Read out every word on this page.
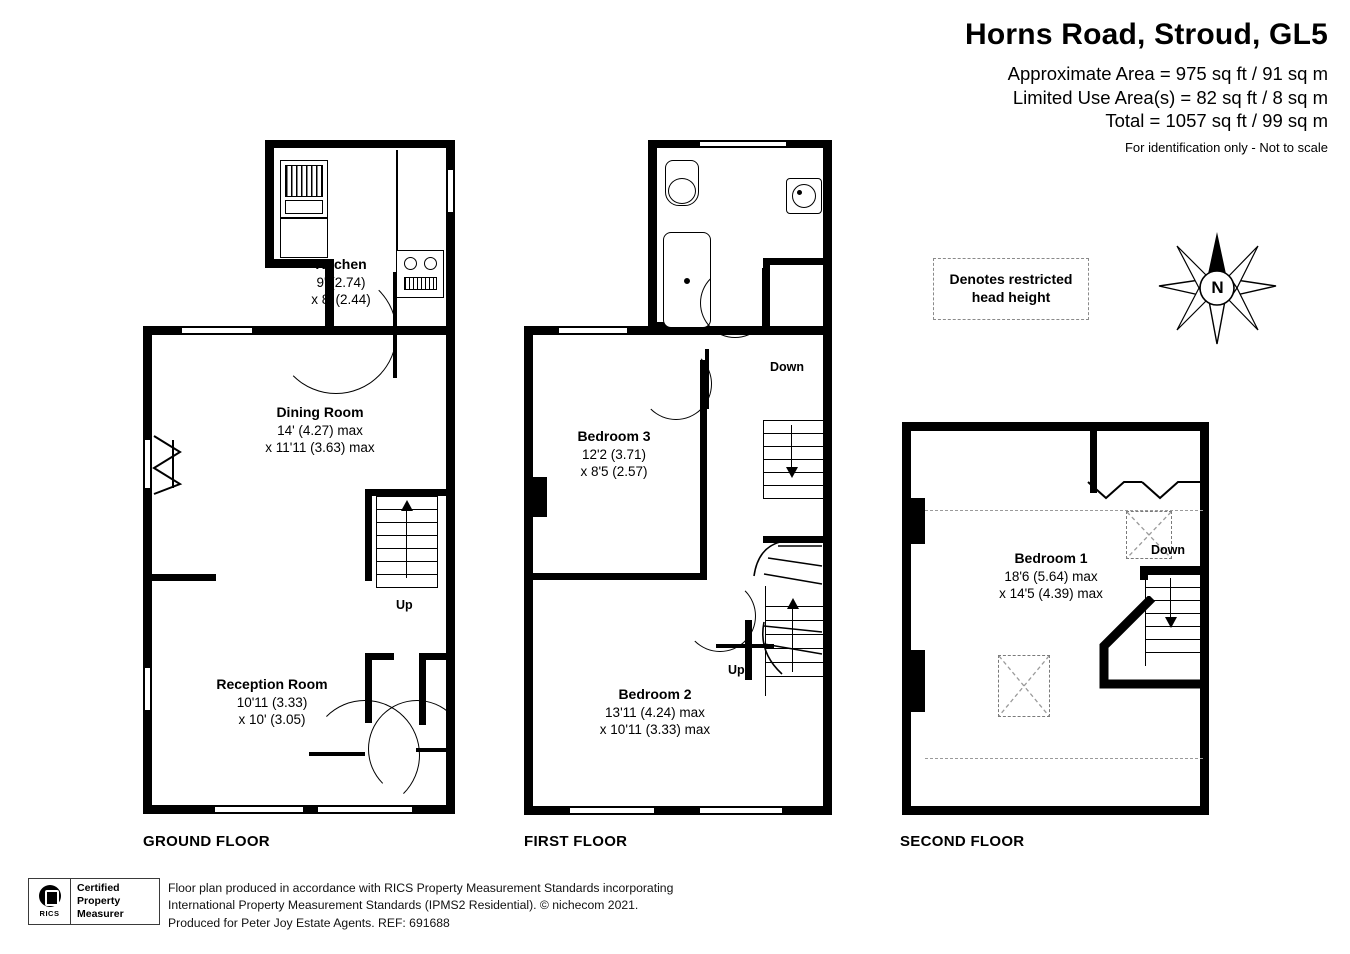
Horns Road, Stroud, GL5
Approximate Area = 975 sq ft / 91 sq m
Limited Use Area(s) = 82 sq ft / 8 sq m
Total = 1057 sq ft / 99 sq m
For identification only - Not to scale
Up
Dining Room
14' (4.27) max
x 11'11 (3.63) max
Kitchen
9' (2.74)
x 8' (2.44)
Reception Room
10'11 (3.33)
x 10' (3.05)
GROUND FLOOR
Down
Up
Bedroom 3
12'2 (3.71)
x 8'5 (2.57)
Bedroom 2
13'11 (4.24) max
x 10'11 (3.33) max
FIRST FLOOR
Down
Bedroom 1
18'6 (5.64) max
x 14'5 (4.39) max
SECOND FLOOR
Denotes restricted
head height
N
RICS
Certified
Property
Measurer
Floor plan produced in accordance with RICS Property Measurement Standards incorporating
International Property Measurement Standards (IPMS2 Residential). © nichecom 2021.
Produced for Peter Joy Estate Agents. REF: 691688
